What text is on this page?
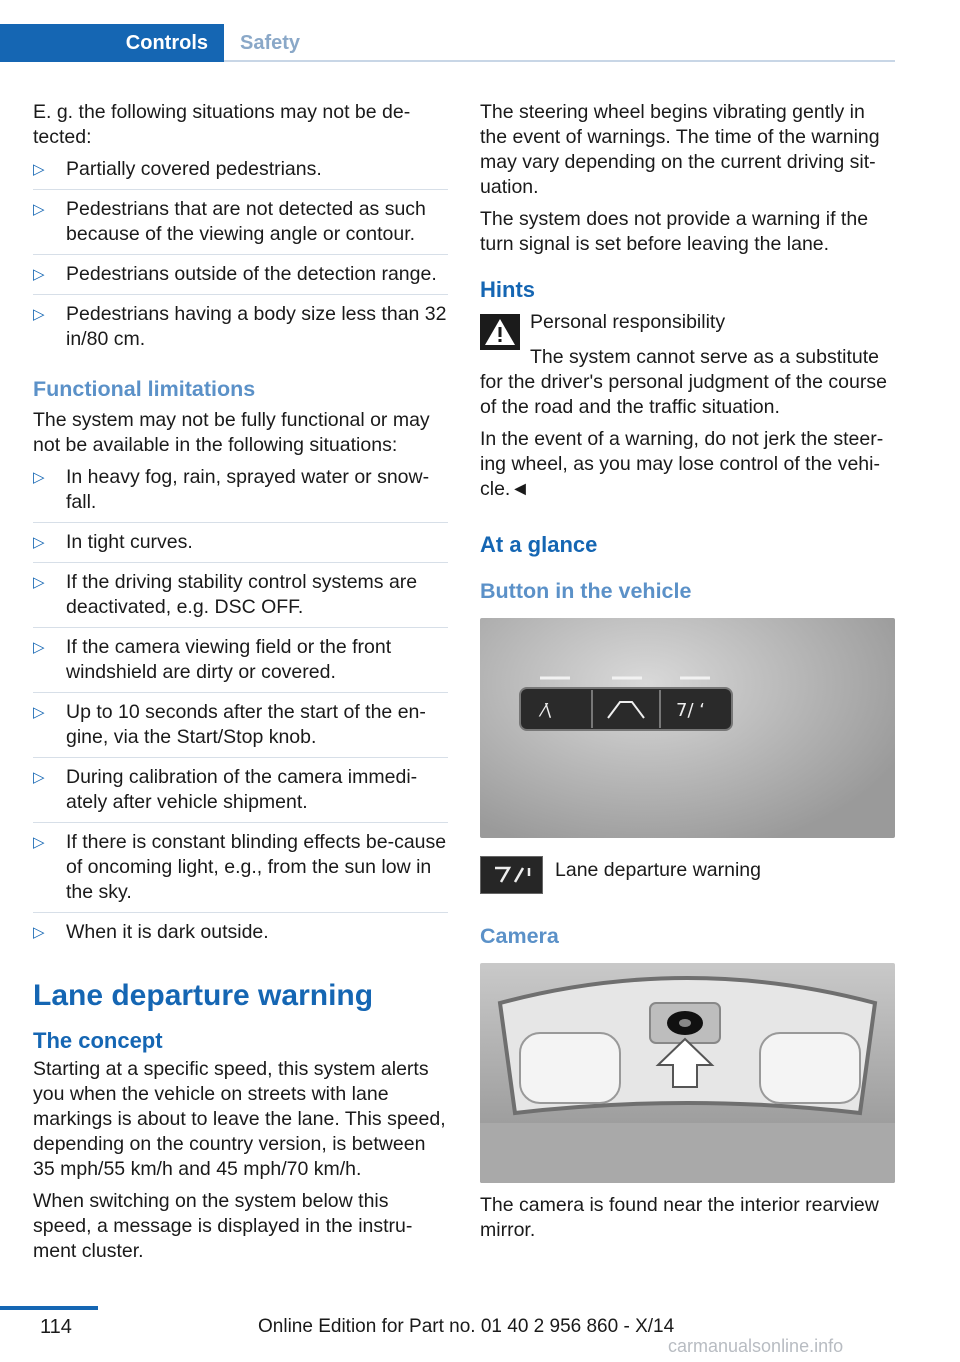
Controls	Safety

E. g. the following situations may not be de-tected:

▷ Partially covered pedestrians.
▷ Pedestrians that are not detected as such because of the viewing angle or contour.
▷ Pedestrians outside of the detection range.
▷ Pedestrians having a body size less than 32 in/80 cm.
Functional limitations

The system may not be fully functional or may not be available in the following situations:

▷ In heavy fog, rain, sprayed water or snow-fall.
▷ In tight curves.
▷ If the driving stability control systems are deactivated, e.g. DSC OFF.
▷ If the camera viewing field or the front windshield are dirty or covered.
▷ Up to 10 seconds after the start of the en-gine, via the Start/Stop knob.
▷ During calibration of the camera immedi-ately after vehicle shipment.
▷ If there is constant blinding effects be-cause of oncoming light, e.g., from the sun low in the sky.
▷ When it is dark outside.
Lane departure warning
The concept

Starting at a specific speed, this system alerts you when the vehicle on streets with lane markings is about to leave the lane. This speed, depending on the country version, is between 35 mph/55 km/h and 45 mph/70 km/h.

When switching on the system below this speed, a message is displayed in the instru-ment cluster.

The steering wheel begins vibrating gently in the event of warnings. The time of the warning may vary depending on the current driving sit-uation.

The system does not provide a warning if the turn signal is set before leaving the lane.

Hints
Personal responsibility

The system cannot serve as a substitute for the driver's personal judgment of the course of the road and the traffic situation.

In the event of a warning, do not jerk the steer-ing wheel, as you may lose control of the vehi-cle.◄

At a glance
Button in the vehicle
⁄\	7/ ‘
Lane departure warning
Camera

The camera is found near the interior rearview mirror.

114	Online Edition for Part no. 01 40 2 956 860 - X/14
carmanualsonline.info
